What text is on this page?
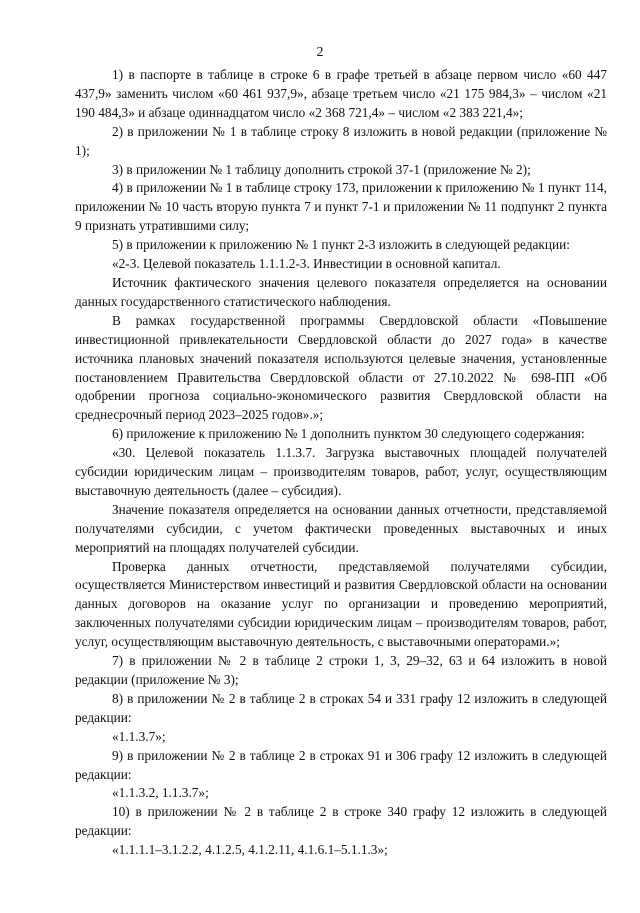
2

1) в паспорте в таблице в строке 6 в графе третьей в абзаце первом число «60 447 437,9» заменить числом «60 461 937,9», абзаце третьем число «21 175 984,3» – числом «21 190 484,3» и абзаце одиннадцатом число «2 368 721,4» – числом «2 383 221,4»;

2) в приложении № 1 в таблице строку 8 изложить в новой редакции (приложение № 1);

3) в приложении № 1 таблицу дополнить строкой 37-1 (приложение № 2);

4) в приложении № 1 в таблице строку 173, приложении к приложению № 1 пункт 114, приложении № 10 часть вторую пункта 7 и пункт 7-1 и приложении № 11 подпункт 2 пункта 9 признать утратившими силу;

5) в приложении к приложению № 1 пункт 2-3 изложить в следующей редакции:

«2-3. Целевой показатель 1.1.1.2-3. Инвестиции в основной капитал.

Источник фактического значения целевого показателя определяется на основании данных государственного статистического наблюдения.

В рамках государственной программы Свердловской области «Повышение инвестиционной привлекательности Свердловской области до 2027 года» в качестве источника плановых значений показателя используются целевые значения, установленные постановлением Правительства Свердловской области от 27.10.2022 № 698-ПП «Об одобрении прогноза социально-экономического развития Свердловской области на среднесрочный период 2023–2025 годов».»;

6) приложение к приложению № 1 дополнить пунктом 30 следующего содержания:

«30. Целевой показатель 1.1.3.7. Загрузка выставочных площадей получателей субсидии юридическим лицам – производителям товаров, работ, услуг, осуществляющим выставочную деятельность (далее – субсидия).

Значение показателя определяется на основании данных отчетности, представляемой получателями субсидии, с учетом фактически проведенных выставочных и иных мероприятий на площадях получателей субсидии.

Проверка данных отчетности, представляемой получателями субсидии, осуществляется Министерством инвестиций и развития Свердловской области на основании данных договоров на оказание услуг по организации и проведению мероприятий, заключенных получателями субсидии юридическим лицам – производителям товаров, работ, услуг, осуществляющим выставочную деятельность, с выставочными операторами.»;

7) в приложении № 2 в таблице 2 строки 1, 3, 29–32, 63 и 64 изложить в новой редакции (приложение № 3);

8) в приложении № 2 в таблице 2 в строках 54 и 331 графу 12 изложить в следующей редакции:

«1.1.3.7»;

9) в приложении № 2 в таблице 2 в строках 91 и 306 графу 12 изложить в следующей редакции:

«1.1.3.2, 1.1.3.7»;

10) в приложении № 2 в таблице 2 в строке 340 графу 12 изложить в следующей редакции:

«1.1.1.1–3.1.2.2, 4.1.2.5, 4.1.2.11, 4.1.6.1–5.1.1.3»;
